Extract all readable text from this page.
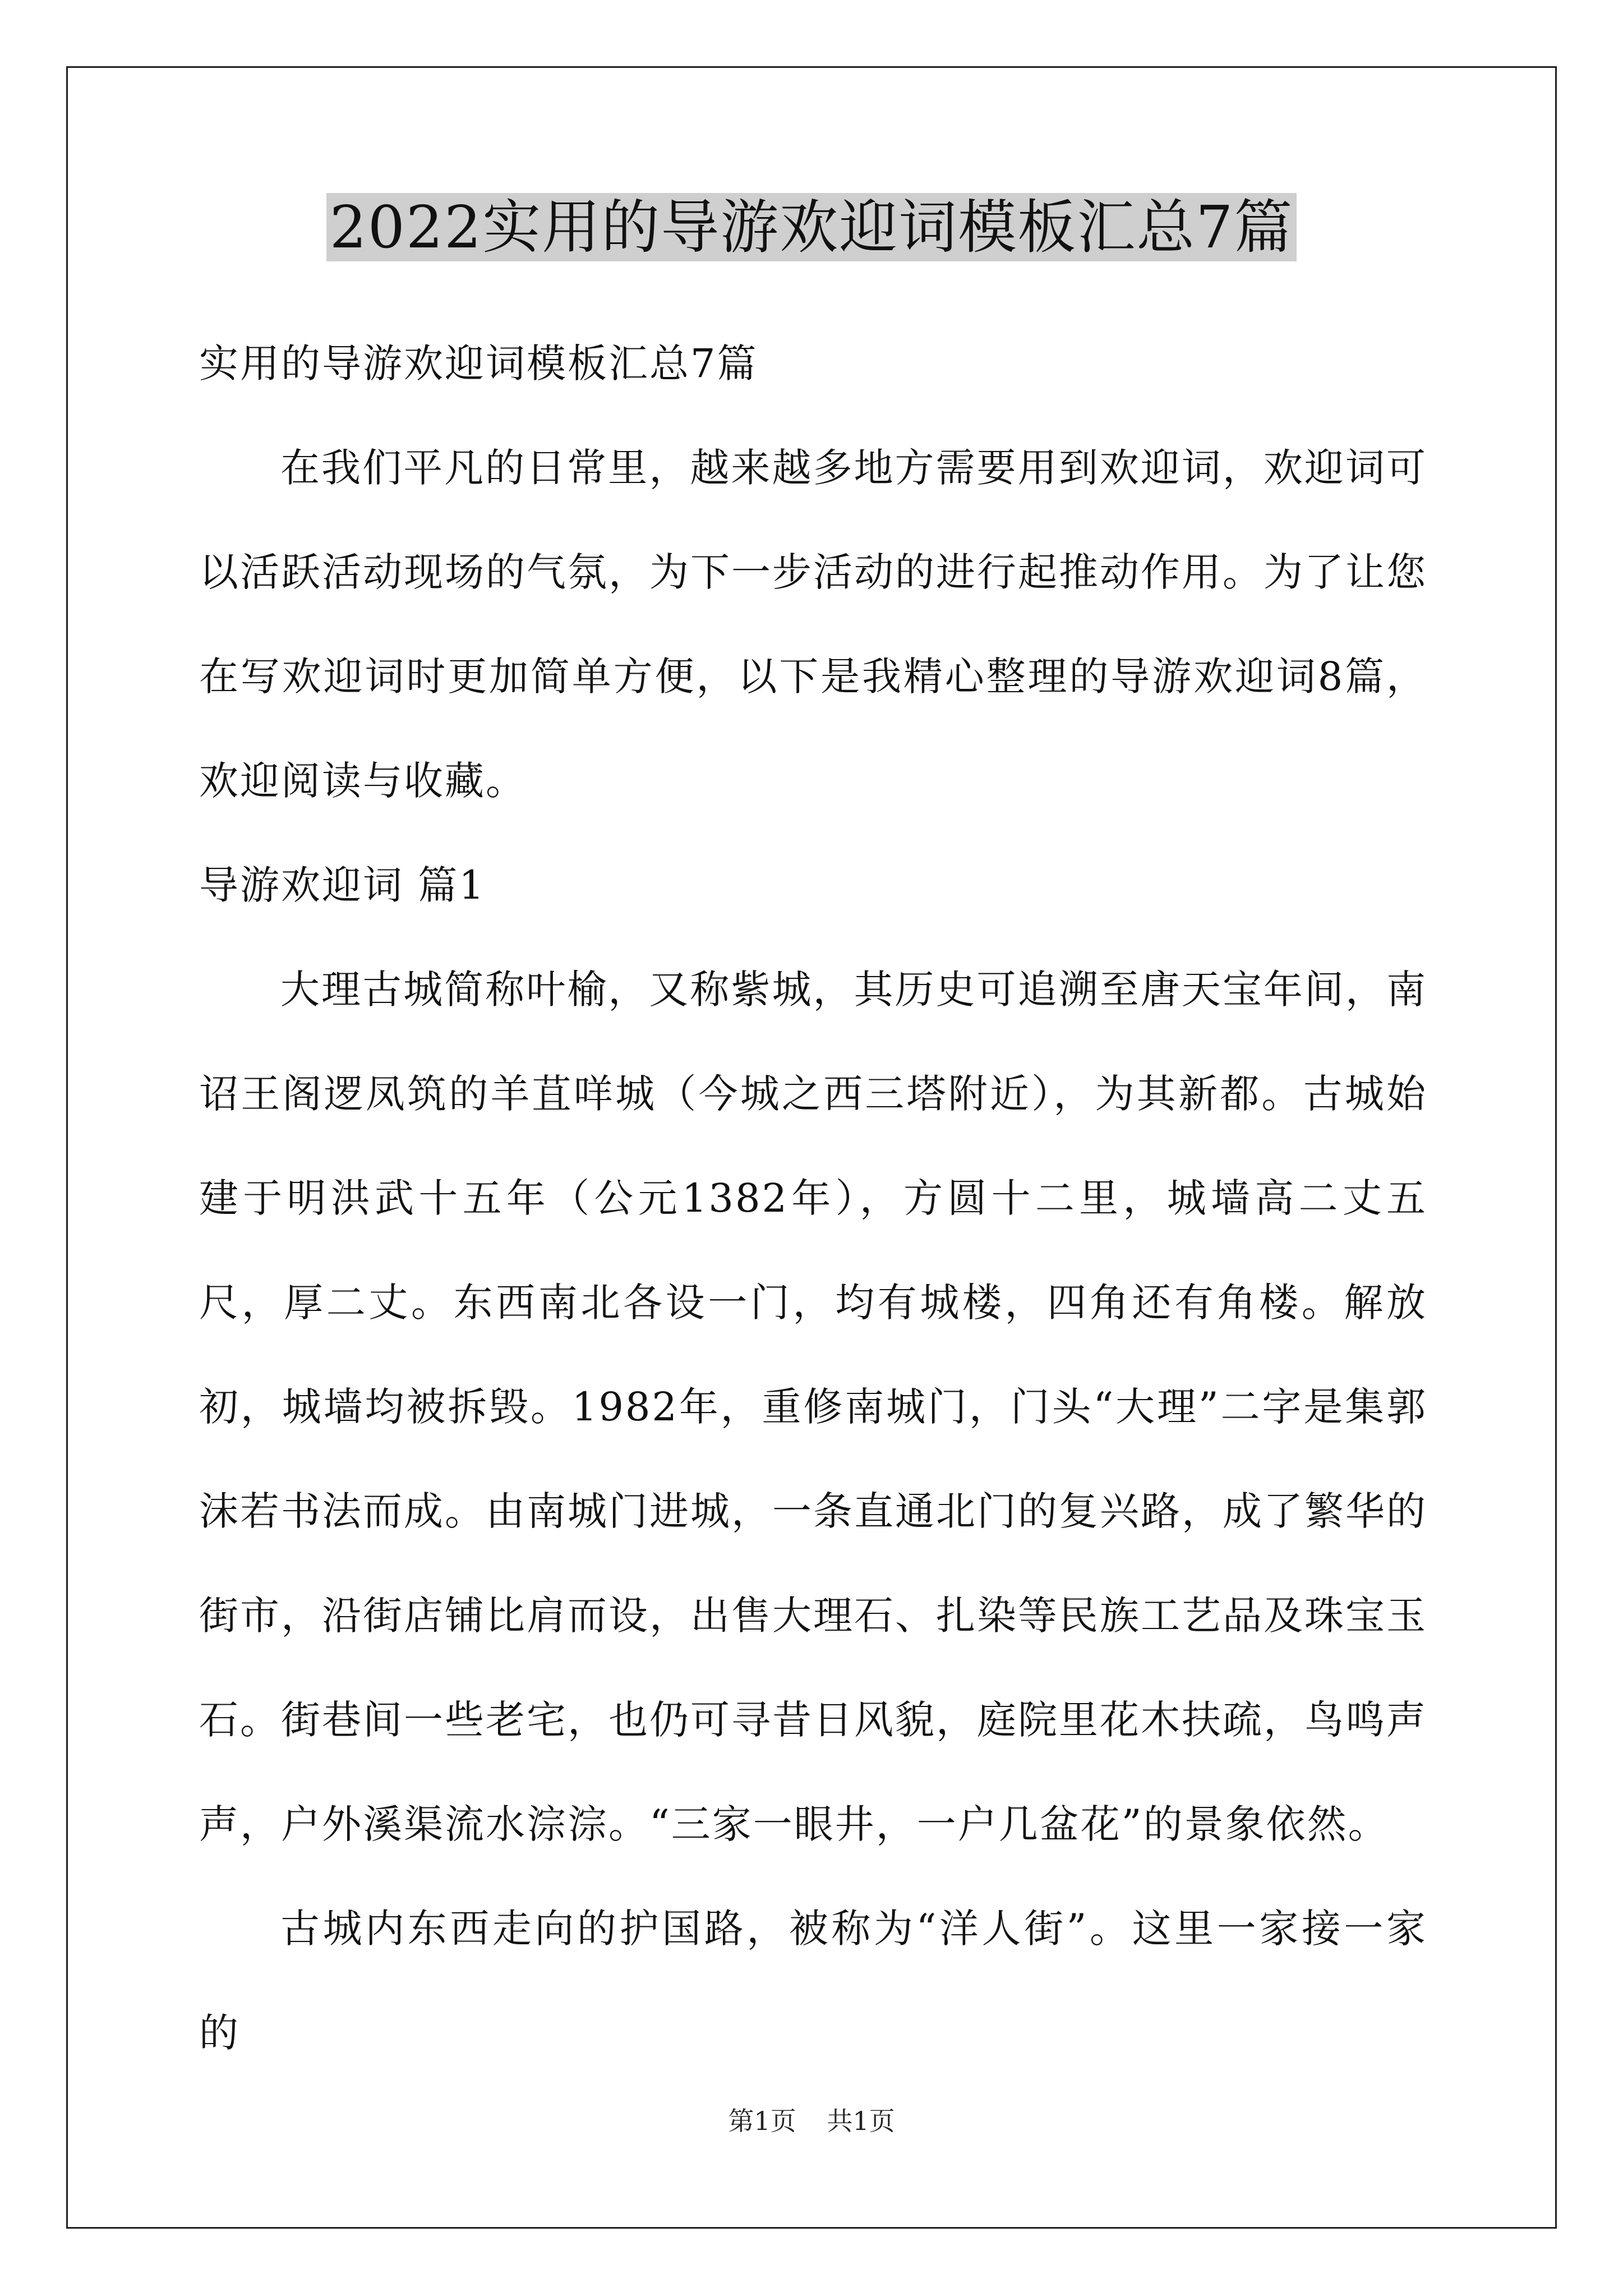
2022实用的导游欢迎词模板汇总7篇

实用的导游欢迎词模板汇总7篇

在我们平凡的日常里，越来越多地方需要用到欢迎词，欢迎词可以活跃活动现场的气氛，为下一步活动的进行起推动作用。为了让您在写欢迎词时更加简单方便，以下是我精心整理的导游欢迎词8篇，欢迎阅读与收藏。

导游欢迎词 篇1

大理古城简称叶榆，又称紫城，其历史可追溯至唐天宝年间，南诏王阁逻凤筑的羊苴咩城（今城之西三塔附近），为其新都。古城始建于明洪武十五年（公元1382年），方圆十二里，城墙高二丈五尺，厚二丈。东西南北各设一门，均有城楼，四角还有角楼。解放初，城墙均被拆毁。1982年，重修南城门，门头“大理”二字是集郭沫若书法而成。由南城门进城，一条直通北门的复兴路，成了繁华的街市，沿街店铺比肩而设，出售大理石、扎染等民族工艺品及珠宝玉石。街巷间一些老宅，也仍可寻昔日风貌，庭院里花木扶疏，鸟鸣声声，户外溪渠流水淙淙。“三家一眼井，一户几盆花”的景象依然。

古城内东西走向的护国路，被称为“洋人街”。这里一家接一家的

第1页 共1页
